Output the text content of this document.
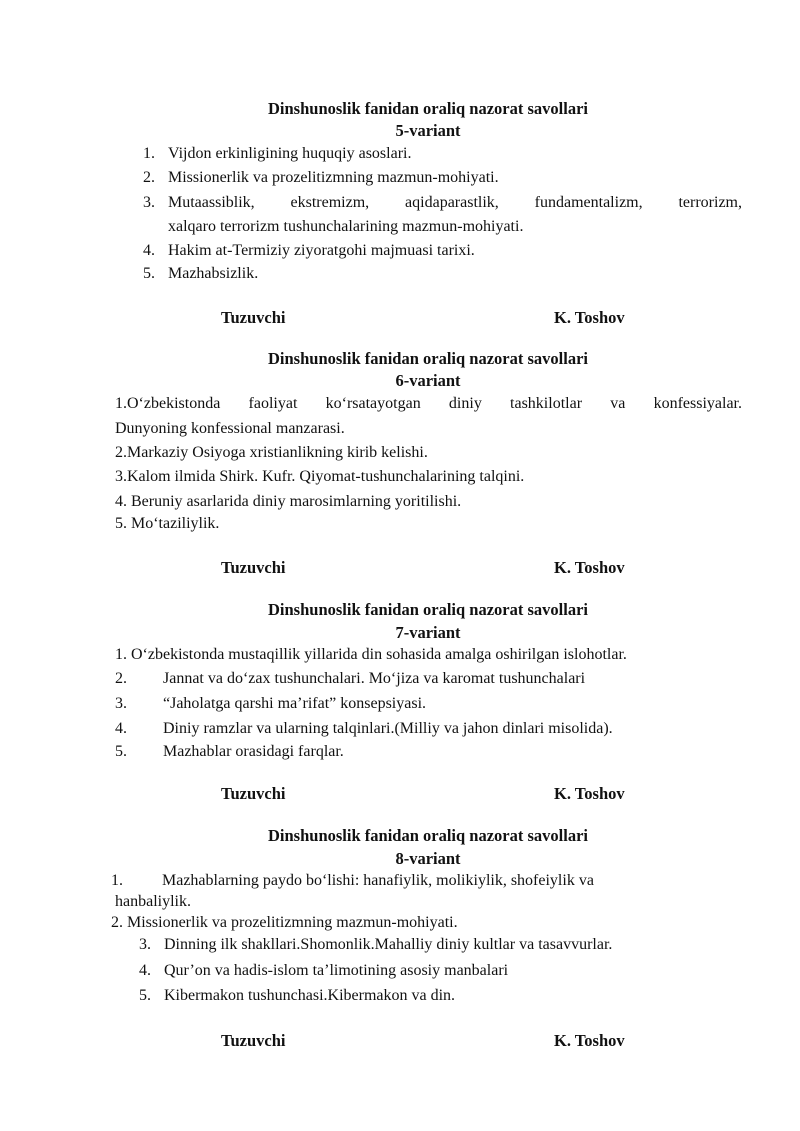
Dinshunoslik fanidan oraliq nazorat savollari
5-variant
1. Vijdon erkinligining huquqiy asoslari.
2. Missionerlik va prozelitizmning mazmun-mohiyati.
3. Mutaassiblik, ekstremizm, aqidaparastlik, fundamentalizm, terrorizm,
xalqaro terrorizm tushunchalarining mazmun-mohiyati.
4. Hakim at-Termiziy ziyoratgohi majmuasi tarixi.
5. Mazhabsizlik.
Tuzuvchi	K. Toshov
Dinshunoslik fanidan oraliq nazorat savollari
6-variant
1.O‘zbekistonda faoliyat ko‘rsatayotgan diniy tashkilotlar va konfessiyalar.
Dunyoning konfessional manzarasi.
2.Markaziy Osiyoga xristianlikning kirib kelishi.
3.Kalom ilmida Shirk. Kufr. Qiyomat-tushunchalarining talqini.
4. Beruniy asarlarida diniy marosimlarning yoritilishi.
5. Mo‘taziliylik.
Tuzuvchi	K. Toshov
Dinshunoslik fanidan oraliq nazorat savollari
7-variant
1. O‘zbekistonda mustaqillik yillarida din sohasida amalga oshirilgan islohotlar.
2. Jannat va do‘zax tushunchalari. Mo‘jiza va karomat tushunchalari
3. “Jaholatga qarshi ma’rifat” konsepsiyasi.
4. Diniy ramzlar va ularning talqinlari.(Milliy va jahon dinlari misolida).
5. Mazhablar orasidagi farqlar.
Tuzuvchi	K. Toshov
Dinshunoslik fanidan oraliq nazorat savollari
8-variant
1. Mazhablarning paydo bo‘lishi: hanafiylik, molikiylik, shofeiylik va
hanbaliylik.
2. Missionerlik va prozelitizmning mazmun-mohiyati.
3. Dinning ilk shakllari.Shomonlik.Mahalliy diniy kultlar va tasavvurlar.
4. Qur’on va hadis-islom ta’limotining asosiy manbalari
5. Kibermakon tushunchasi.Kibermakon va din.
Tuzuvchi	K. Toshov
